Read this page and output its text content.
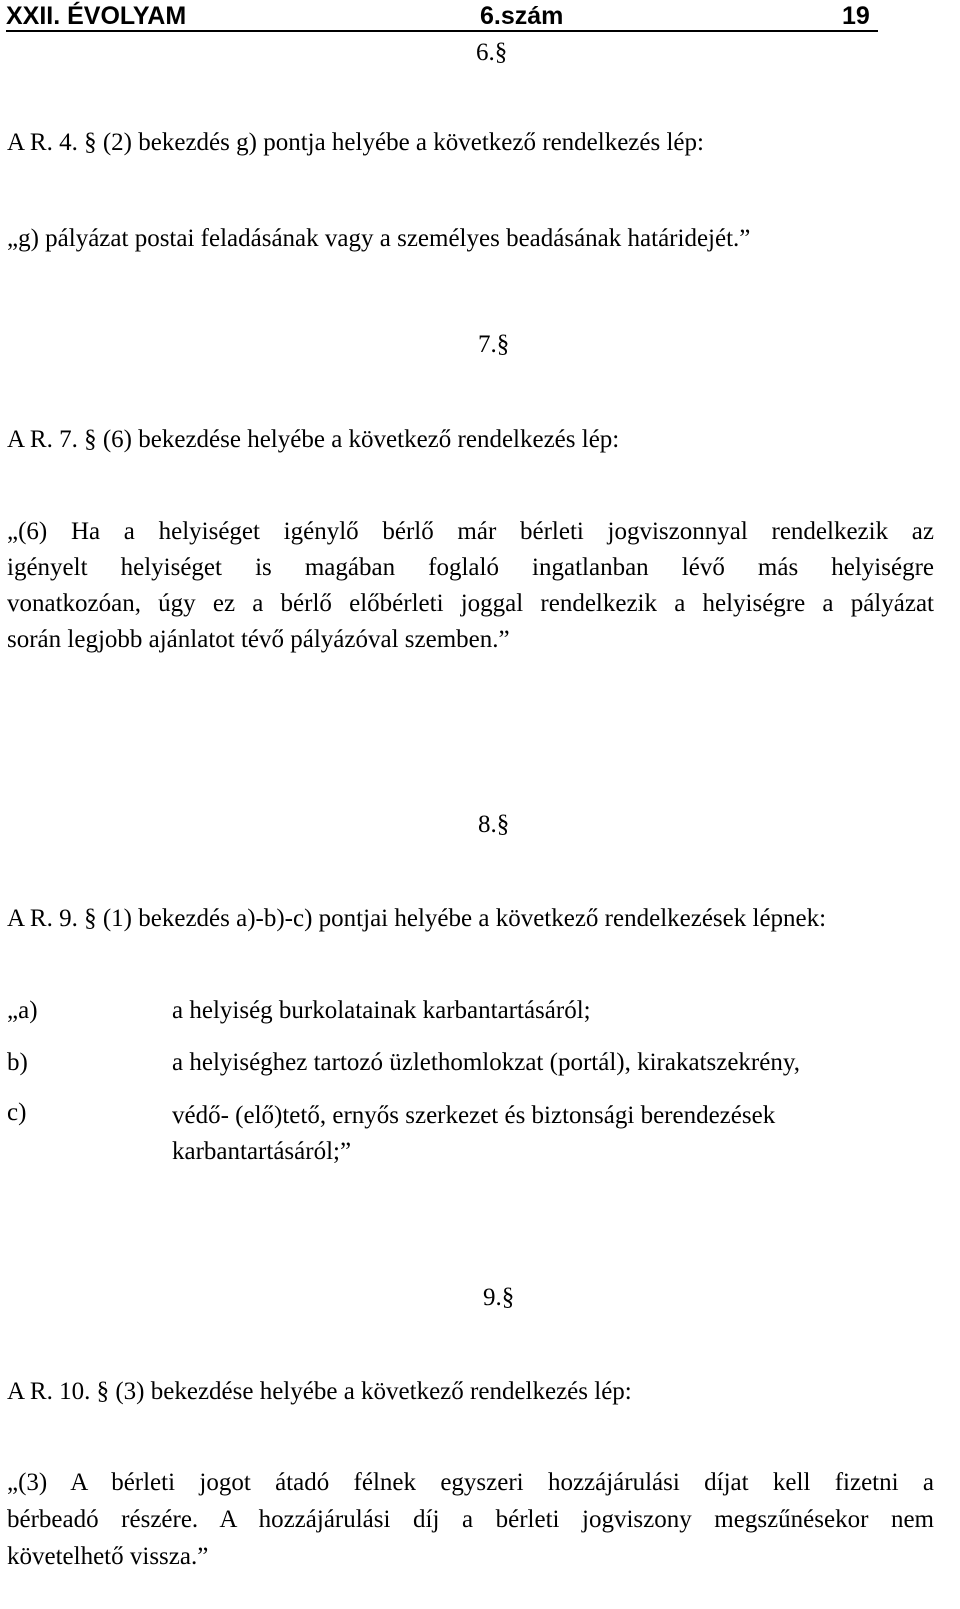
XXII. ÉVOLYAM	6.szám	19
6.§
A R. 4. § (2) bekezdés g) pontja helyébe a következő rendelkezés lép:
„g) pályázat postai feladásának vagy a személyes beadásának határidejét.”
7.§
A R. 7. § (6) bekezdése helyébe a következő rendelkezés lép:
„(6) Ha a helyiséget igénylő bérlő már bérleti jogviszonnyal rendelkezik az
igényelt helyiséget is magában foglaló ingatlanban lévő más helyiségre
vonatkozóan, úgy ez a bérlő előbérleti joggal rendelkezik a helyiségre a pályázat
során legjobb ajánlatot tévő pályázóval szemben.”
8.§
A R. 9. § (1) bekezdés a)-b)-c) pontjai helyébe a következő rendelkezések lépnek:
„a)	a helyiség burkolatainak karbantartásáról;
b)	a helyiséghez tartozó üzlethomlokzat (portál), kirakatszekrény,
c)	védő- (elő)tető, ernyős szerkezet és biztonsági berendezések karbantartásáról;”
9.§
A R. 10. § (3) bekezdése helyébe a következő rendelkezés lép:
„(3) A bérleti jogot átadó félnek egyszeri hozzájárulási díjat kell fizetni a
bérbeadó részére. A hozzájárulási díj a bérleti jogviszony megszűnésekor nem
követelhető vissza.”
